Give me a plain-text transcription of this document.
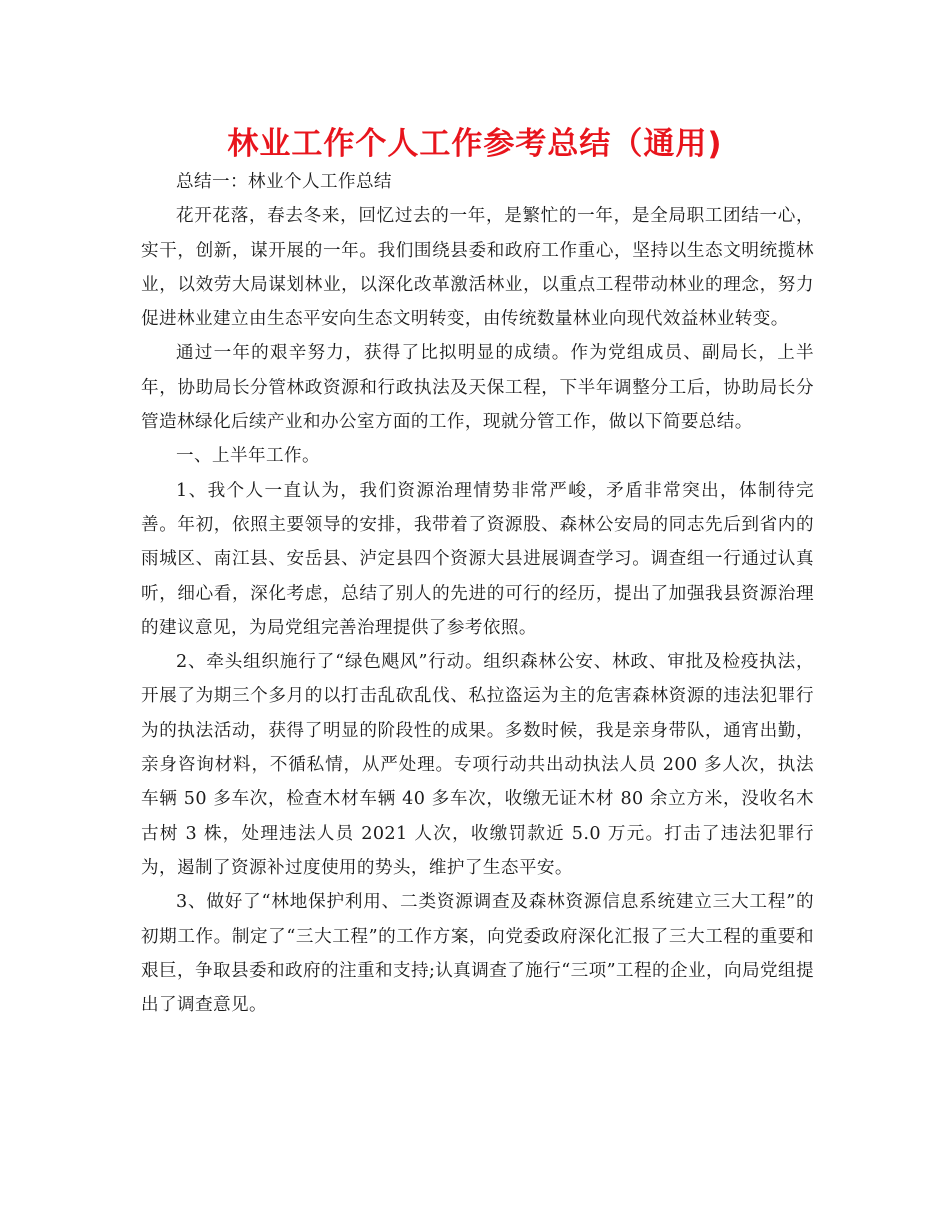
林业工作个人工作参考总结（通用)

总结一：林业个人工作总结

花开花落，春去冬来，回忆过去的一年，是繁忙的一年，是全局职工团结一心，实干，创新，谋开展的一年。我们围绕县委和政府工作重心，坚持以生态文明统揽林业，以效劳大局谋划林业，以深化改革激活林业，以重点工程带动林业的理念，努力促进林业建立由生态平安向生态文明转变，由传统数量林业向现代效益林业转变。

通过一年的艰辛努力，获得了比拟明显的成绩。作为党组成员、副局长，上半年，协助局长分管林政资源和行政执法及天保工程，下半年调整分工后，协助局长分管造林绿化后续产业和办公室方面的工作，现就分管工作，做以下简要总结。

一、上半年工作。

1、我个人一直认为，我们资源治理情势非常严峻，矛盾非常突出，体制待完善。年初，依照主要领导的安排，我带着了资源股、森林公安局的同志先后到省内的雨城区、南江县、安岳县、泸定县四个资源大县进展调查学习。调查组一行通过认真听，细心看，深化考虑，总结了别人的先进的可行的经历，提出了加强我县资源治理的建议意见，为局党组完善治理提供了参考依照。

2、牵头组织施行了“绿色飓风”行动。组织森林公安、林政、审批及检疫执法，开展了为期三个多月的以打击乱砍乱伐、私拉盗运为主的危害森林资源的违法犯罪行为的执法活动，获得了明显的阶段性的成果。多数时候，我是亲身带队，通宵出勤，亲身咨询材料，不循私情，从严处理。专项行动共出动执法人员 200 多人次，执法车辆 50 多车次，检查木材车辆 40 多车次，收缴无证木材 80 余立方米，没收名木古树 3 株，处理违法人员 2021 人次，收缴罚款近 5.0 万元。打击了违法犯罪行为，遏制了资源补过度使用的势头，维护了生态平安。

3、做好了“林地保护利用、二类资源调查及森林资源信息系统建立三大工程”的初期工作。制定了“三大工程”的工作方案，向党委政府深化汇报了三大工程的重要和艰巨，争取县委和政府的注重和支持;认真调查了施行“三项”工程的企业，向局党组提出了调查意见。
